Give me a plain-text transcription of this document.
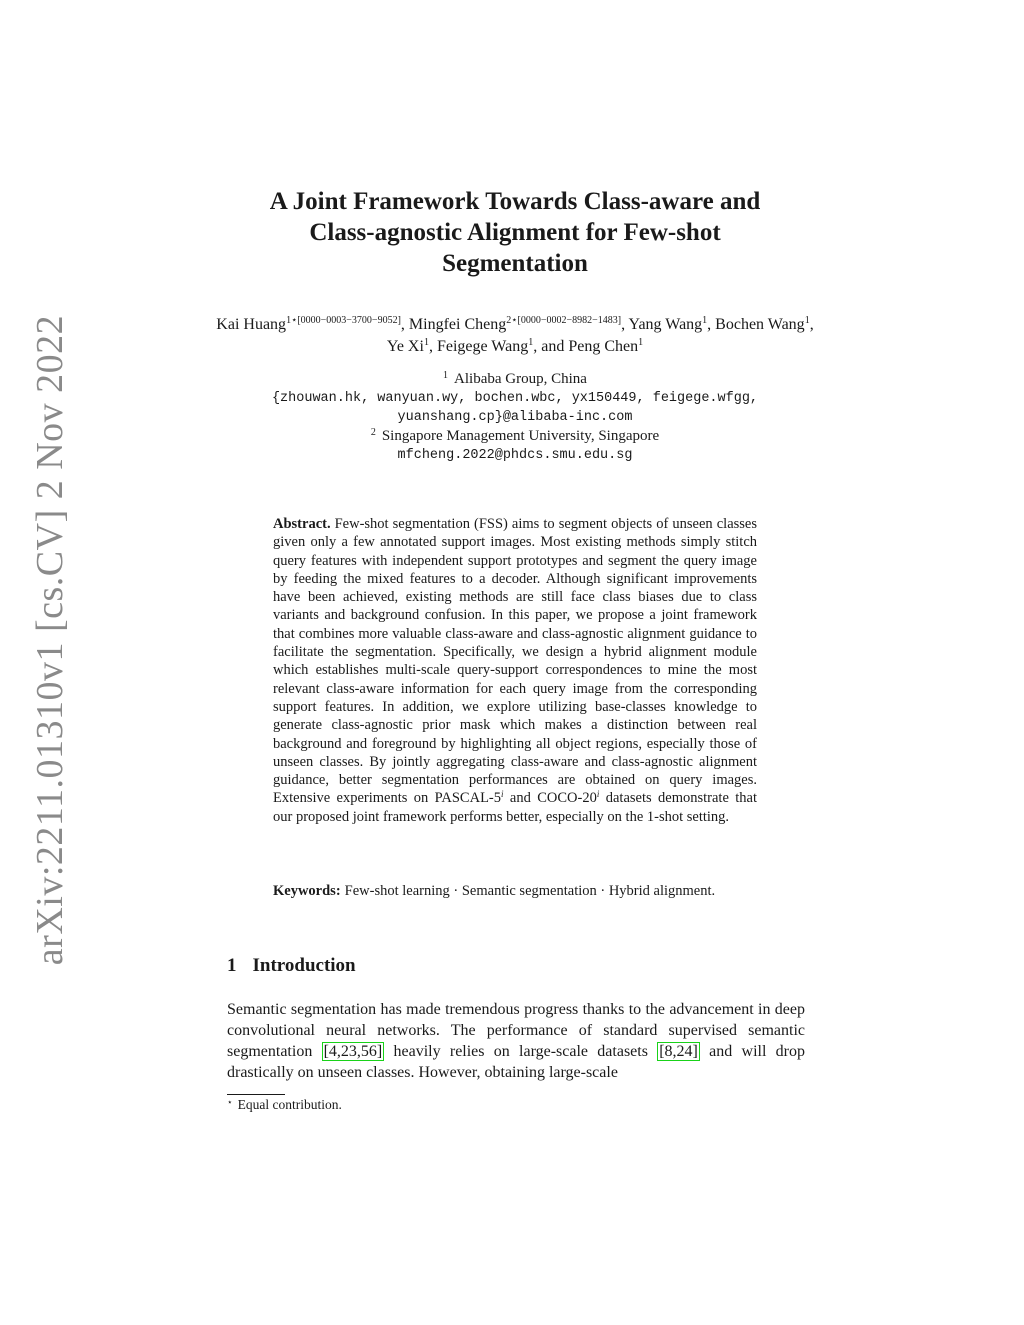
arXiv:2211.01310v1 [cs.CV] 2 Nov 2022
A Joint Framework Towards Class-aware and
Class-agnostic Alignment for Few-shot
Segmentation
Kai Huang$^{1⋆[0000-0003-3700-9052]}$, Mingfei Cheng$^{2⋆[0000-0002-8982-1483]}$, Yang Wang$^1$, Bochen Wang$^1$, Ye Xi$^1$, Feigege Wang$^1$, and Peng Chen$^1$
$^1$ Alibaba Group, China
{zhouwan.hk, wanyuan.wy, bochen.wbc, yx150449, feigege.wfgg,
yuanshang.cp}@alibaba-inc.com
$^2$ Singapore Management University, Singapore
mfcheng.2022@phdcs.smu.edu.sg
Abstract. Few-shot segmentation (FSS) aims to segment objects of unseen classes given only a few annotated support images. Most existing methods simply stitch query features with independent support prototypes and segment the query image by feeding the mixed features to a decoder. Although significant improvements have been achieved, existing methods are still face class biases due to class variants and background confusion. In this paper, we propose a joint framework that combines more valuable class-aware and class-agnostic alignment guidance to facilitate the segmentation. Specifically, we design a hybrid alignment module which establishes multi-scale query-support correspondences to mine the most relevant class-aware information for each query image from the corresponding support features. In addition, we explore utilizing base-classes knowledge to generate class-agnostic prior mask which makes a distinction between real background and foreground by highlighting all object regions, especially those of unseen classes. By jointly aggregating class-aware and class-agnostic alignment guidance, better segmentation performances are obtained on query images. Extensive experiments on PASCAL-5$^i$ and COCO-20$^i$ datasets demonstrate that our proposed joint framework performs better, especially on the 1-shot setting.
Keywords: Few-shot learning · Semantic segmentation · Hybrid alignment.
1 Introduction
Semantic segmentation has made tremendous progress thanks to the advancement in deep convolutional neural networks. The performance of standard supervised semantic segmentation [4,23,56] heavily relies on large-scale datasets [8,24] and will drop drastically on unseen classes. However, obtaining large-scale
⋆ Equal contribution.
